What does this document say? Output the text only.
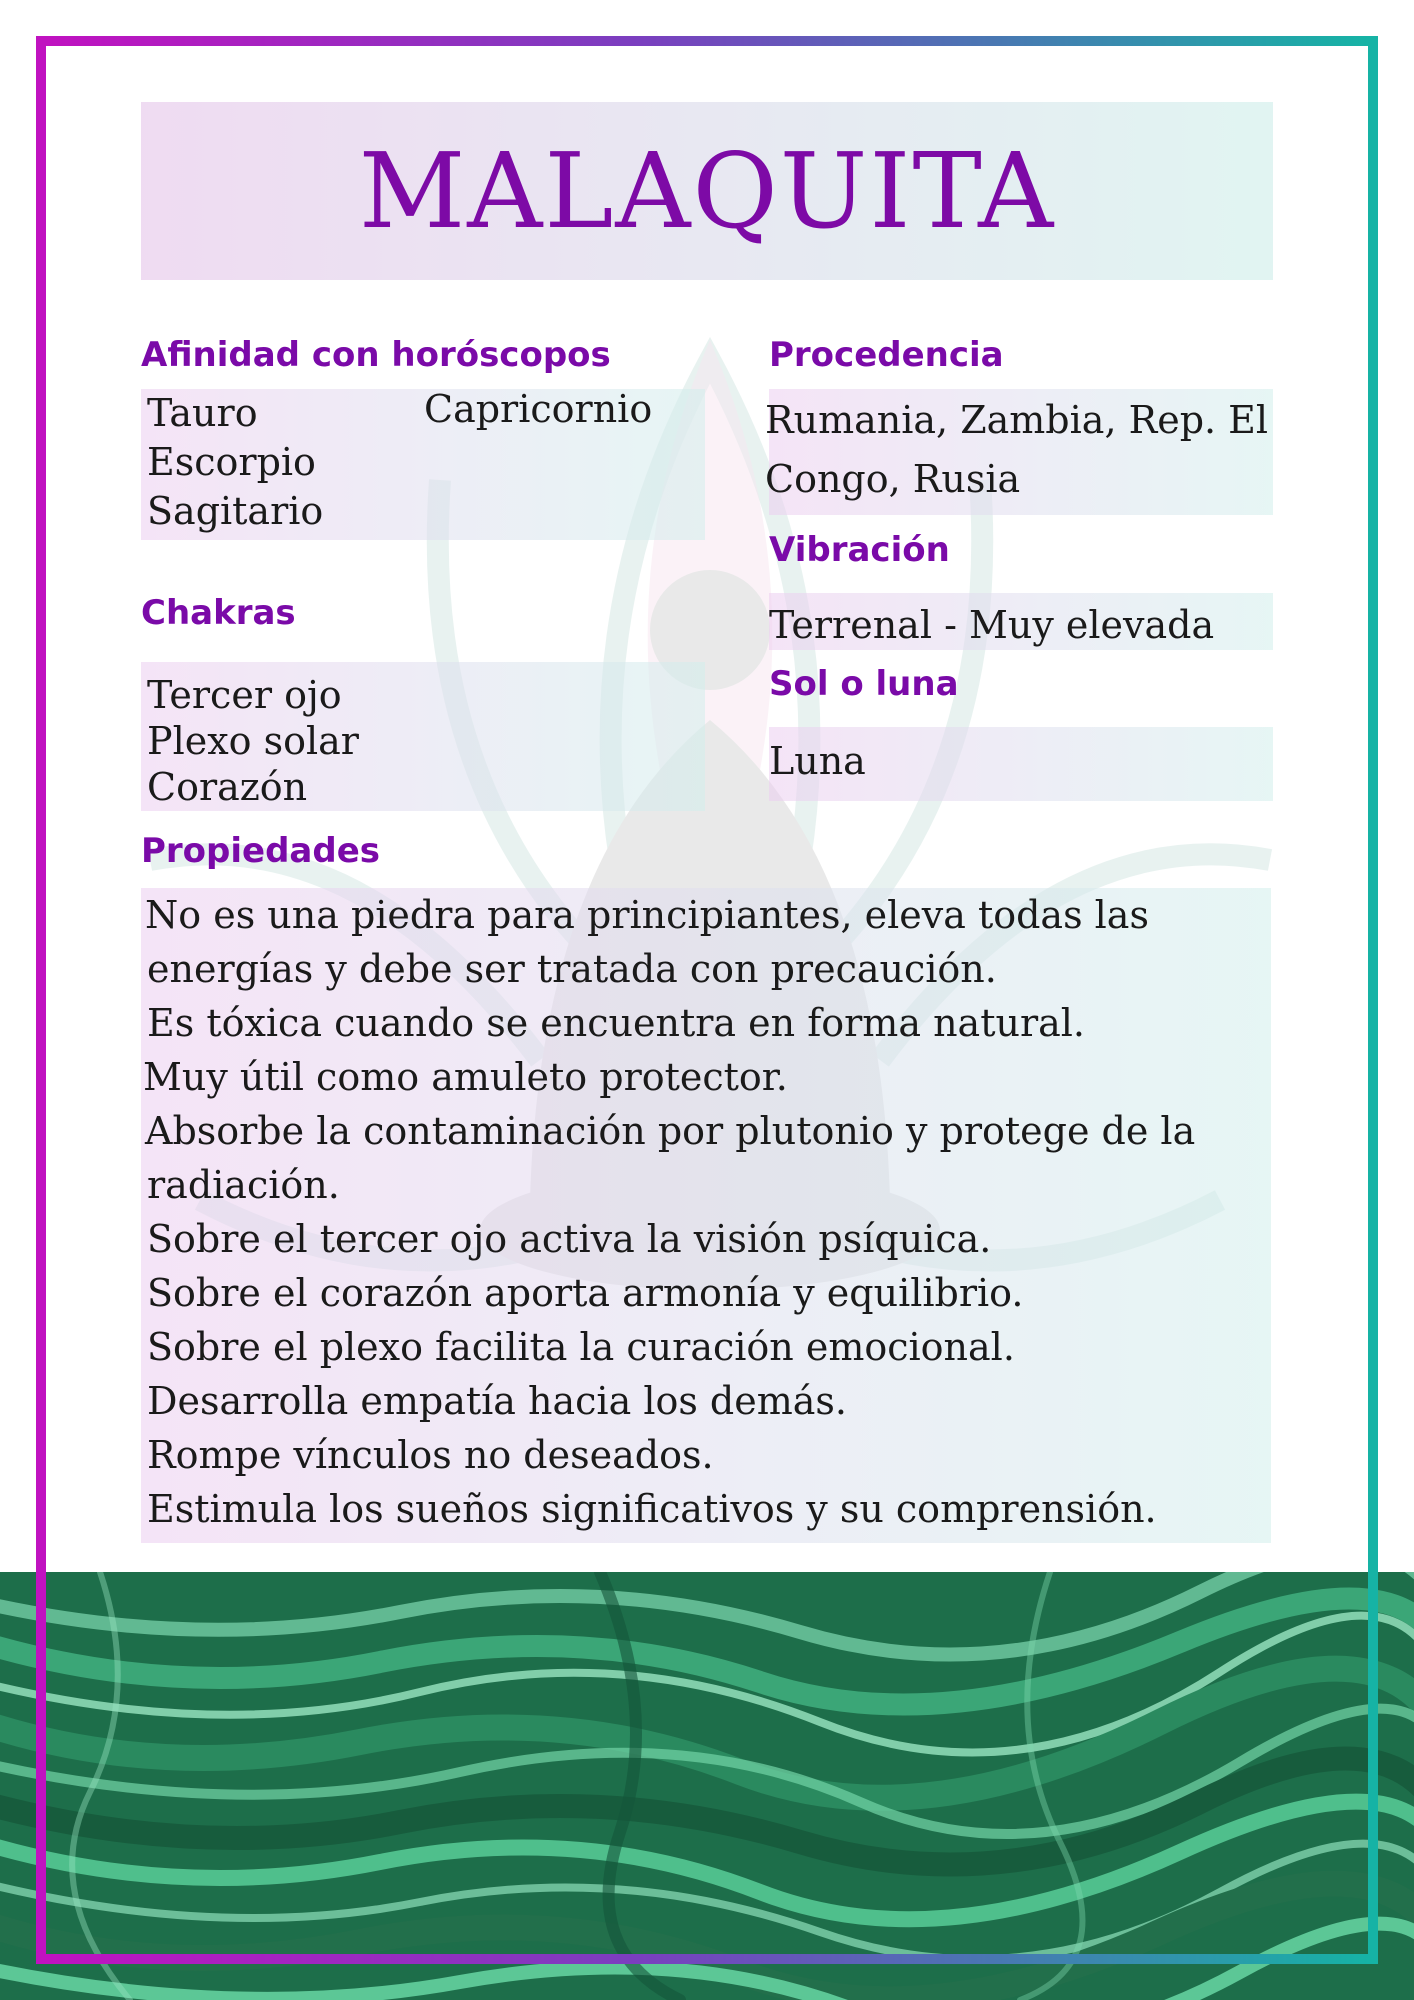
MALAQUITA
Afinidad con horóscopos
Tauro
Escorpio
Sagitario
Capricornio
Procedencia
Rumania, Zambia, Rep. El
Congo, Rusia
Vibración
Terrenal - Muy elevada
Chakras
Tercer ojo
Plexo solar
Corazón
Sol o luna
Luna
Propiedades
No es una piedra para principiantes, eleva todas las
energías y debe ser tratada con precaución.
Es tóxica cuando se encuentra en forma natural.
Muy útil como amuleto protector.
Absorbe la contaminación por plutonio y protege de la
radiación.
Sobre el tercer ojo activa la visión psíquica.
Sobre el corazón aporta armonía y equilibrio.
Sobre el plexo facilita la curación emocional.
Desarrolla empatía hacia los demás.
Rompe vínculos no deseados.
Estimula los sueños significativos y su comprensión.
